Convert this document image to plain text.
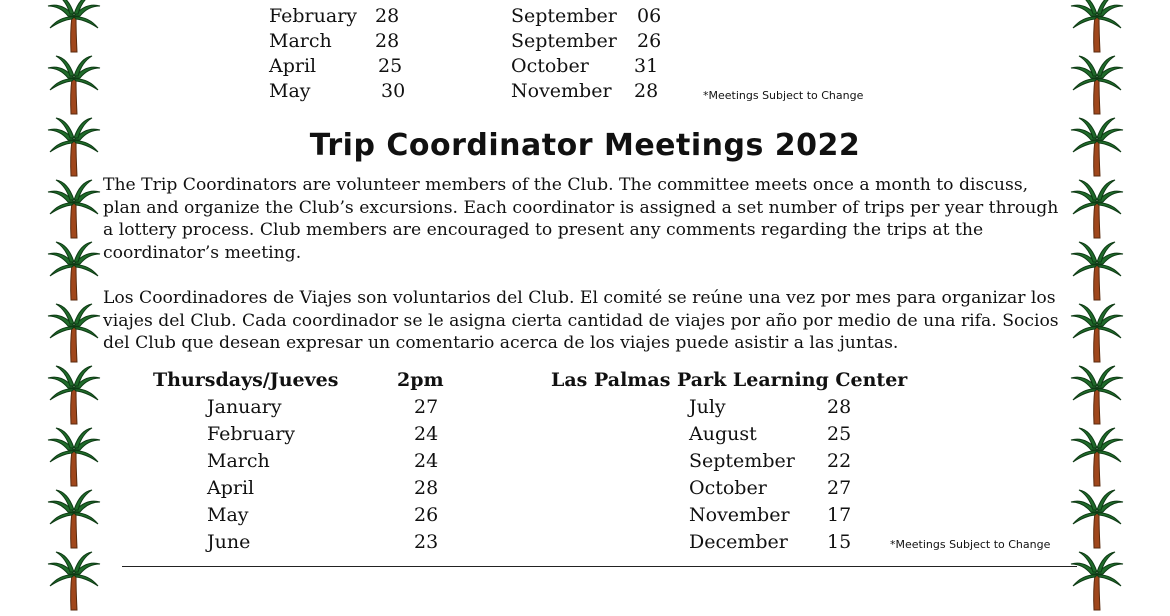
February 28
March 28
April	25
May	30
September 06
September 26
October 31
November 28	*Meetings Subject to Change
Trip Coordinator Meetings 2022
The Trip Coordinators are volunteer members of the Club. The committee meets once a month to discuss, plan and organize the Club’s excursions. Each coordinator is assigned a set number of trips per year through a lottery process. Club members are encouraged to present any comments regarding the trips at the coordinator’s meeting.
Los Coordinadores de Viajes son voluntarios del Club. El comité se reúne una vez por mes para organizar los viajes del Club. Cada coordinador se le asigna cierta cantidad de viajes por año por medio de una rifa. Socios del Club que desean expresar un comentario acerca de los viajes puede asistir a las juntas.
Thursdays/Jueves	2pm	Las Palmas Park Learning Center
January	27
February	24
March	24
April	28
May	26
June	23
July	28
August	25
September 22
October	27
November 17
December 15	*Meetings Subject to Change
